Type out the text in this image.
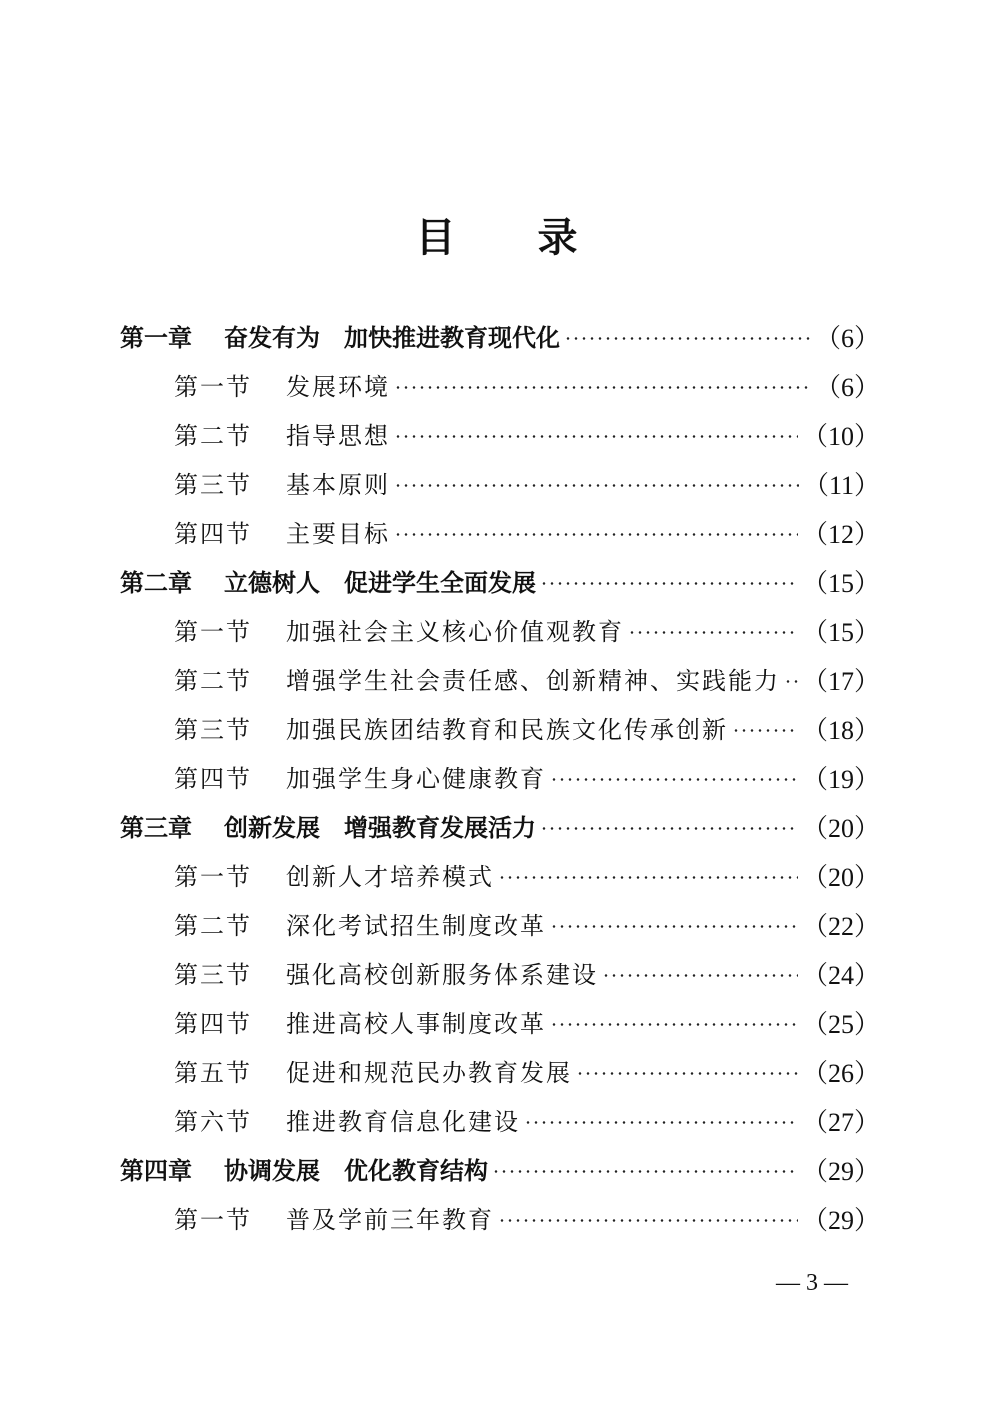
目 录
第一章 奋发有为　加快推进教育现代化	（6）
第一节 发展环境	（6）
第二节 指导思想	（10）
第三节 基本原则	（11）
第四节 主要目标	（12）
第二章 立德树人　促进学生全面发展	（15）
第一节 加强社会主义核心价值观教育	（15）
第二节 增强学生社会责任感、创新精神、实践能力 （17）
第三节 加强民族团结教育和民族文化传承创新	（18）
第四节 加强学生身心健康教育	（19）
第三章 创新发展　增强教育发展活力	（20）
第一节 创新人才培养模式	（20）
第二节 深化考试招生制度改革	（22）
第三节 强化高校创新服务体系建设	（24）
第四节 推进高校人事制度改革	（25）
第五节 促进和规范民办教育发展	（26）
第六节 推进教育信息化建设	（27）
第四章 协调发展　优化教育结构	（29）
第一节 普及学前三年教育	（29）
— 3 —
